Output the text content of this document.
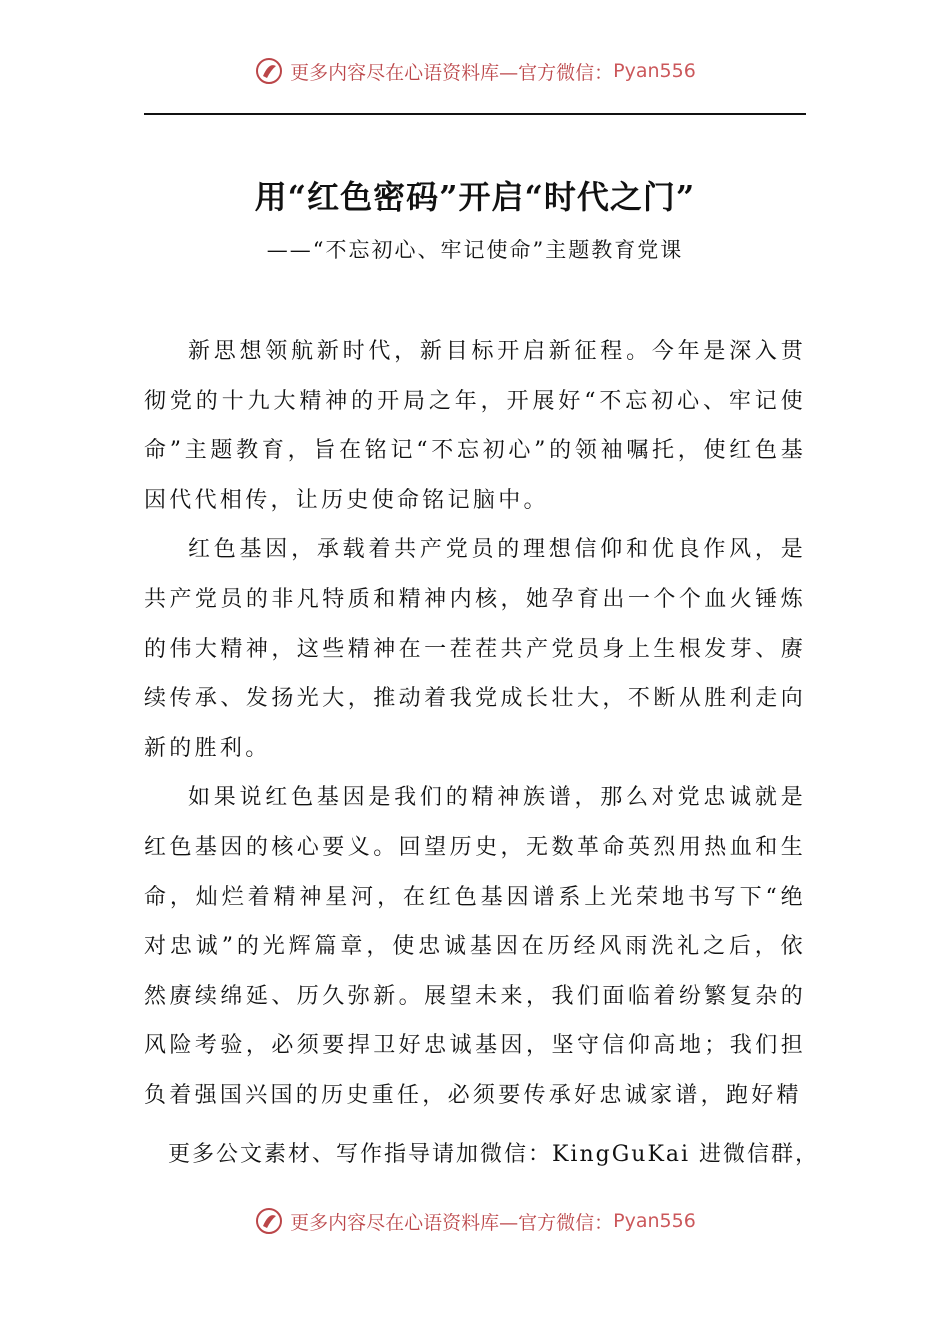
更多内容尽在心语资料库—官方微信： Pyan556
用“红色密码”开启“时代之门”
——“不忘初心、牢记使命”主题教育党课

新思想领航新时代，新目标开启新征程。今年是深入贯彻党的十九大精神的开局之年，开展好“不忘初心、牢记使命”主题教育，旨在铭记“不忘初心”的领袖嘱托，使红色基因代代相传，让历史使命铭记脑中。

红色基因，承载着共产党员的理想信仰和优良作风，是共产党员的非凡特质和精神内核，她孕育出一个个血火锤炼的伟大精神，这些精神在一茬茬共产党员身上生根发芽、赓续传承、发扬光大，推动着我党成长壮大，不断从胜利走向新的胜利。

如果说红色基因是我们的精神族谱，那么对党忠诚就是红色基因的核心要义。回望历史，无数革命英烈用热血和生命，灿烂着精神星河，在红色基因谱系上光荣地书写下“绝对忠诚”的光辉篇章，使忠诚基因在历经风雨洗礼之后，依然赓续绵延、历久弥新。展望未来，我们面临着纷繁复杂的风险考验，必须要捍卫好忠诚基因，坚守信仰高地；我们担负着强国兴国的历史重任，必须要传承好忠诚家谱，跑好精

更多公文素材、写作指导请加微信：KingGuKai 进微信群，
更多内容尽在心语资料库—官方微信： Pyan556
